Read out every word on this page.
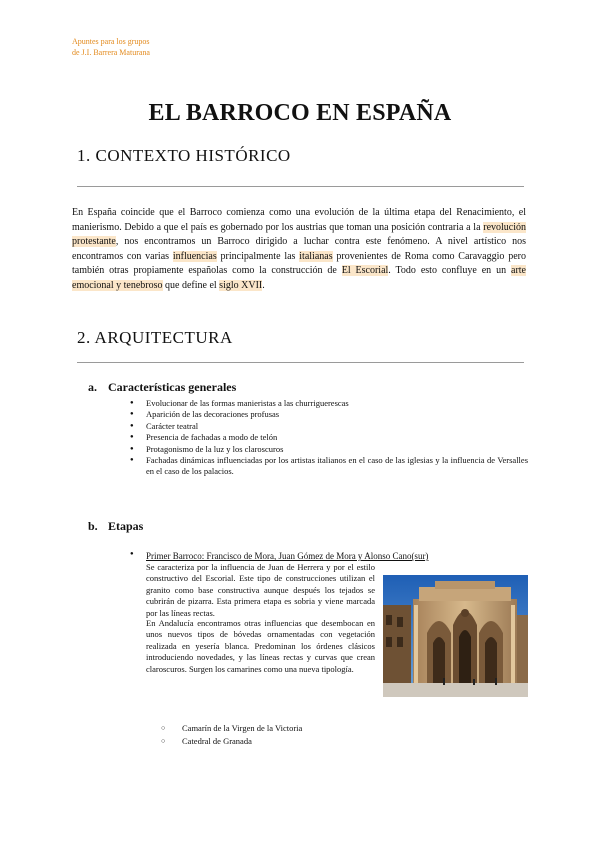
Apuntes para los grupos
de J.I. Barrera Maturana
EL BARROCO EN ESPAÑA
1. CONTEXTO HISTÓRICO
En España coincide que el Barroco comienza como una evolución de la última etapa del Renacimiento, el manierismo. Debido a que el país es gobernado por los austrias que toman una posición contraria a la revolución protestante, nos encontramos un Barroco dirigido a luchar contra este fenómeno. A nivel artístico nos encontramos con varias influencias principalmente las italianas provenientes de Roma como Caravaggio pero también otras propiamente españolas como la construcción de El Escorial. Todo esto confluye en un arte emocional y tenebroso que define el siglo XVII.
2. ARQUITECTURA
a. Características generales
● Evolucionar de las formas manieristas a las churriguerescas
● Aparición de las decoraciones profusas
● Carácter teatral
● Presencia de fachadas a modo de telón
● Protagonismo de la luz y los claroscuros
● Fachadas dinámicas influenciadas por los artistas italianos en el caso de las iglesias y la influencia de Versalles en el caso de los palacios.
b. Etapas
● Primer Barroco: Francisco de Mora, Juan Gómez de Mora y Alonso Cano(sur)
Se caracteriza por la influencia de Juan de Herrera y por el estilo constructivo del Escorial. Este tipo de construcciones utilizan el granito como base constructiva aunque después los tejados se cubrirán de pizarra. Esta primera etapa es sobria y viene marcada por las líneas rectas.
En Andalucía encontramos otras influencias que desembocan en unos nuevos tipos de bóvedas ornamentadas con vegetación realizada en yesería blanca. Predominan los órdenes clásicos introduciendo novedades, y las líneas rectas y curvas que crean claroscuros. Surgen los camarines como una nueva tipología.
○ Camarín de la Virgen de la Victoria
○ Catedral de Granada
